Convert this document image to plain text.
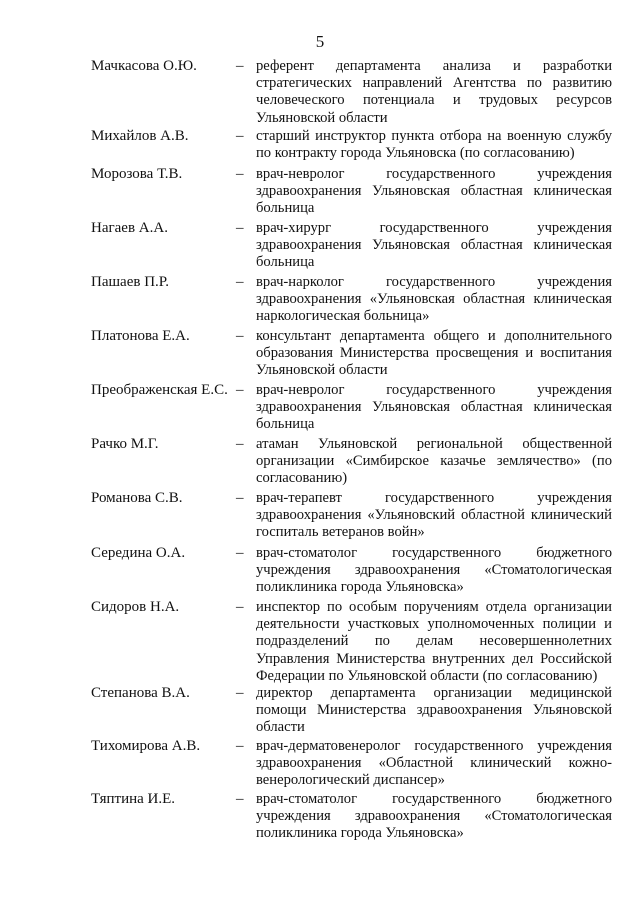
5
Мачкасова О.Ю.	– референт департамента анализа и разработки стратегических направлений Агентства по развитию человеческого потенциала и трудовых ресурсов Ульяновской области
Михайлов А.В.	– старший инструктор пункта отбора на военную службу по контракту города Ульяновска (по согласованию)
Морозова Т.В.	– врач-невролог государственного учреждения здравоохранения Ульяновская областная клиническая больница
Нагаев А.А.	– врач-хирург государственного учреждения здравоохранения Ульяновская областная клиническая больница
Пашаев П.Р.	– врач-нарколог государственного учреждения здравоохранения «Ульяновская областная клиническая наркологическая больница»
Платонова Е.А.	– консультант департамента общего и дополнительного образования Министерства просвещения и воспитания Ульяновской области
Преображенская Е.С. – врач-невролог государственного учреждения здравоохранения Ульяновская областная клиническая больница
Рачко М.Г.	– атаман Ульяновской региональной общественной организации «Симбирское казачье землячество» (по согласованию)
Романова С.В.	– врач-терапевт государственного учреждения здравоохранения «Ульяновский областной клинический госпиталь ветеранов войн»
Середина О.А.	– врач-стоматолог государственного бюджетного учреждения здравоохранения «Стоматологическая поликлиника города Ульяновска»
Сидоров Н.А.	– инспектор по особым поручениям отдела организации деятельности участковых уполномоченных полиции и подразделений по делам несовершеннолетних Управления Министерства внутренних дел Российской Федерации по Ульяновской области (по согласованию)
Степанова В.А.	– директор департамента организации медицинской помощи Министерства здравоохранения Ульяновской области
Тихомирова А.В. – врач-дерматовенеролог государственного учреждения здравоохранения «Областной клинический кожно-венерологический диспансер»
Тяптина И.Е.	– врач-стоматолог государственного бюджетного учреждения здравоохранения «Стоматологическая поликлиника города Ульяновска»
